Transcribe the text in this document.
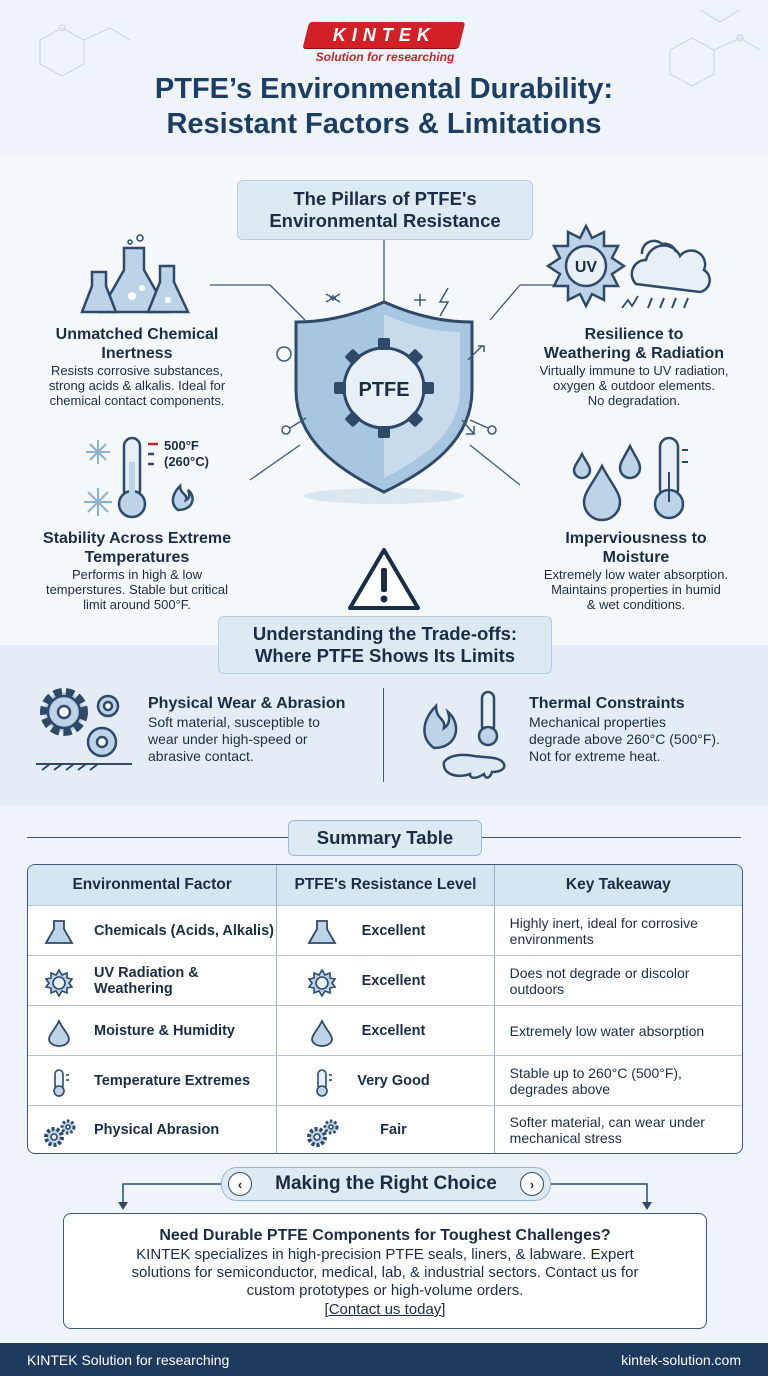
KINTEK
Solution for researching
PTFE’s Environmental Durability:
Resistant Factors & Limitations
The Pillars of PTFE's
Environmental Resistance
PTFE
Unmatched Chemical
Inertness
Resists corrosive substances,
strong acids & alkalis. Ideal for
chemical contact components.
UV
Resilience to
Weathering & Radiation
Virtually immune to UV radiation,
oxygen & outdoor elements.
No degradation.
500°F
(260°C)
Stability Across Extreme
Temperatures
Performs in high & low
temperstures. Stable but critical
limit around 500°F.
Imperviousness to
Moisture
Extremely low water absorption.
Maintains properties in humid
& wet conditions.
Understanding the Trade-offs:
Where PTFE Shows Its Limits
Physical Wear & Abrasion
Soft material, susceptible to
wear under high-speed or
abrasive contact.
Thermal Constraints
Mechanical properties
degrade above 260°C (500°F).
Not for extreme heat.
Summary Table
Environmental Factor	PTFE's Resistance Level	Key Takeaway
Chemicals (Acids, Alkalis)	Excellent	Highly inert, ideal for corrosive
environments
UV Radiation & Weathering	Excellent	Does not degrade or discolor
outdoors
Moisture & Humidity	Excellent	Extremely low water absorption
Temperature Extremes	Very Good	Stable up to 260°C (500°F),
degrades above
Physical Abrasion	Fair	Softer material, can wear under
mechanical stress
‹	Making the Right Choice	›
Need Durable PTFE Components for Toughest Challenges?
KINTEK specializes in high-precision PTFE seals, liners, & labware. Expert
solutions for semiconductor, medical, lab, & industrial sectors. Contact us for
custom prototypes or high-volume orders.
[Contact us today]
KINTEK Solution for researching	kintek-solution.com
